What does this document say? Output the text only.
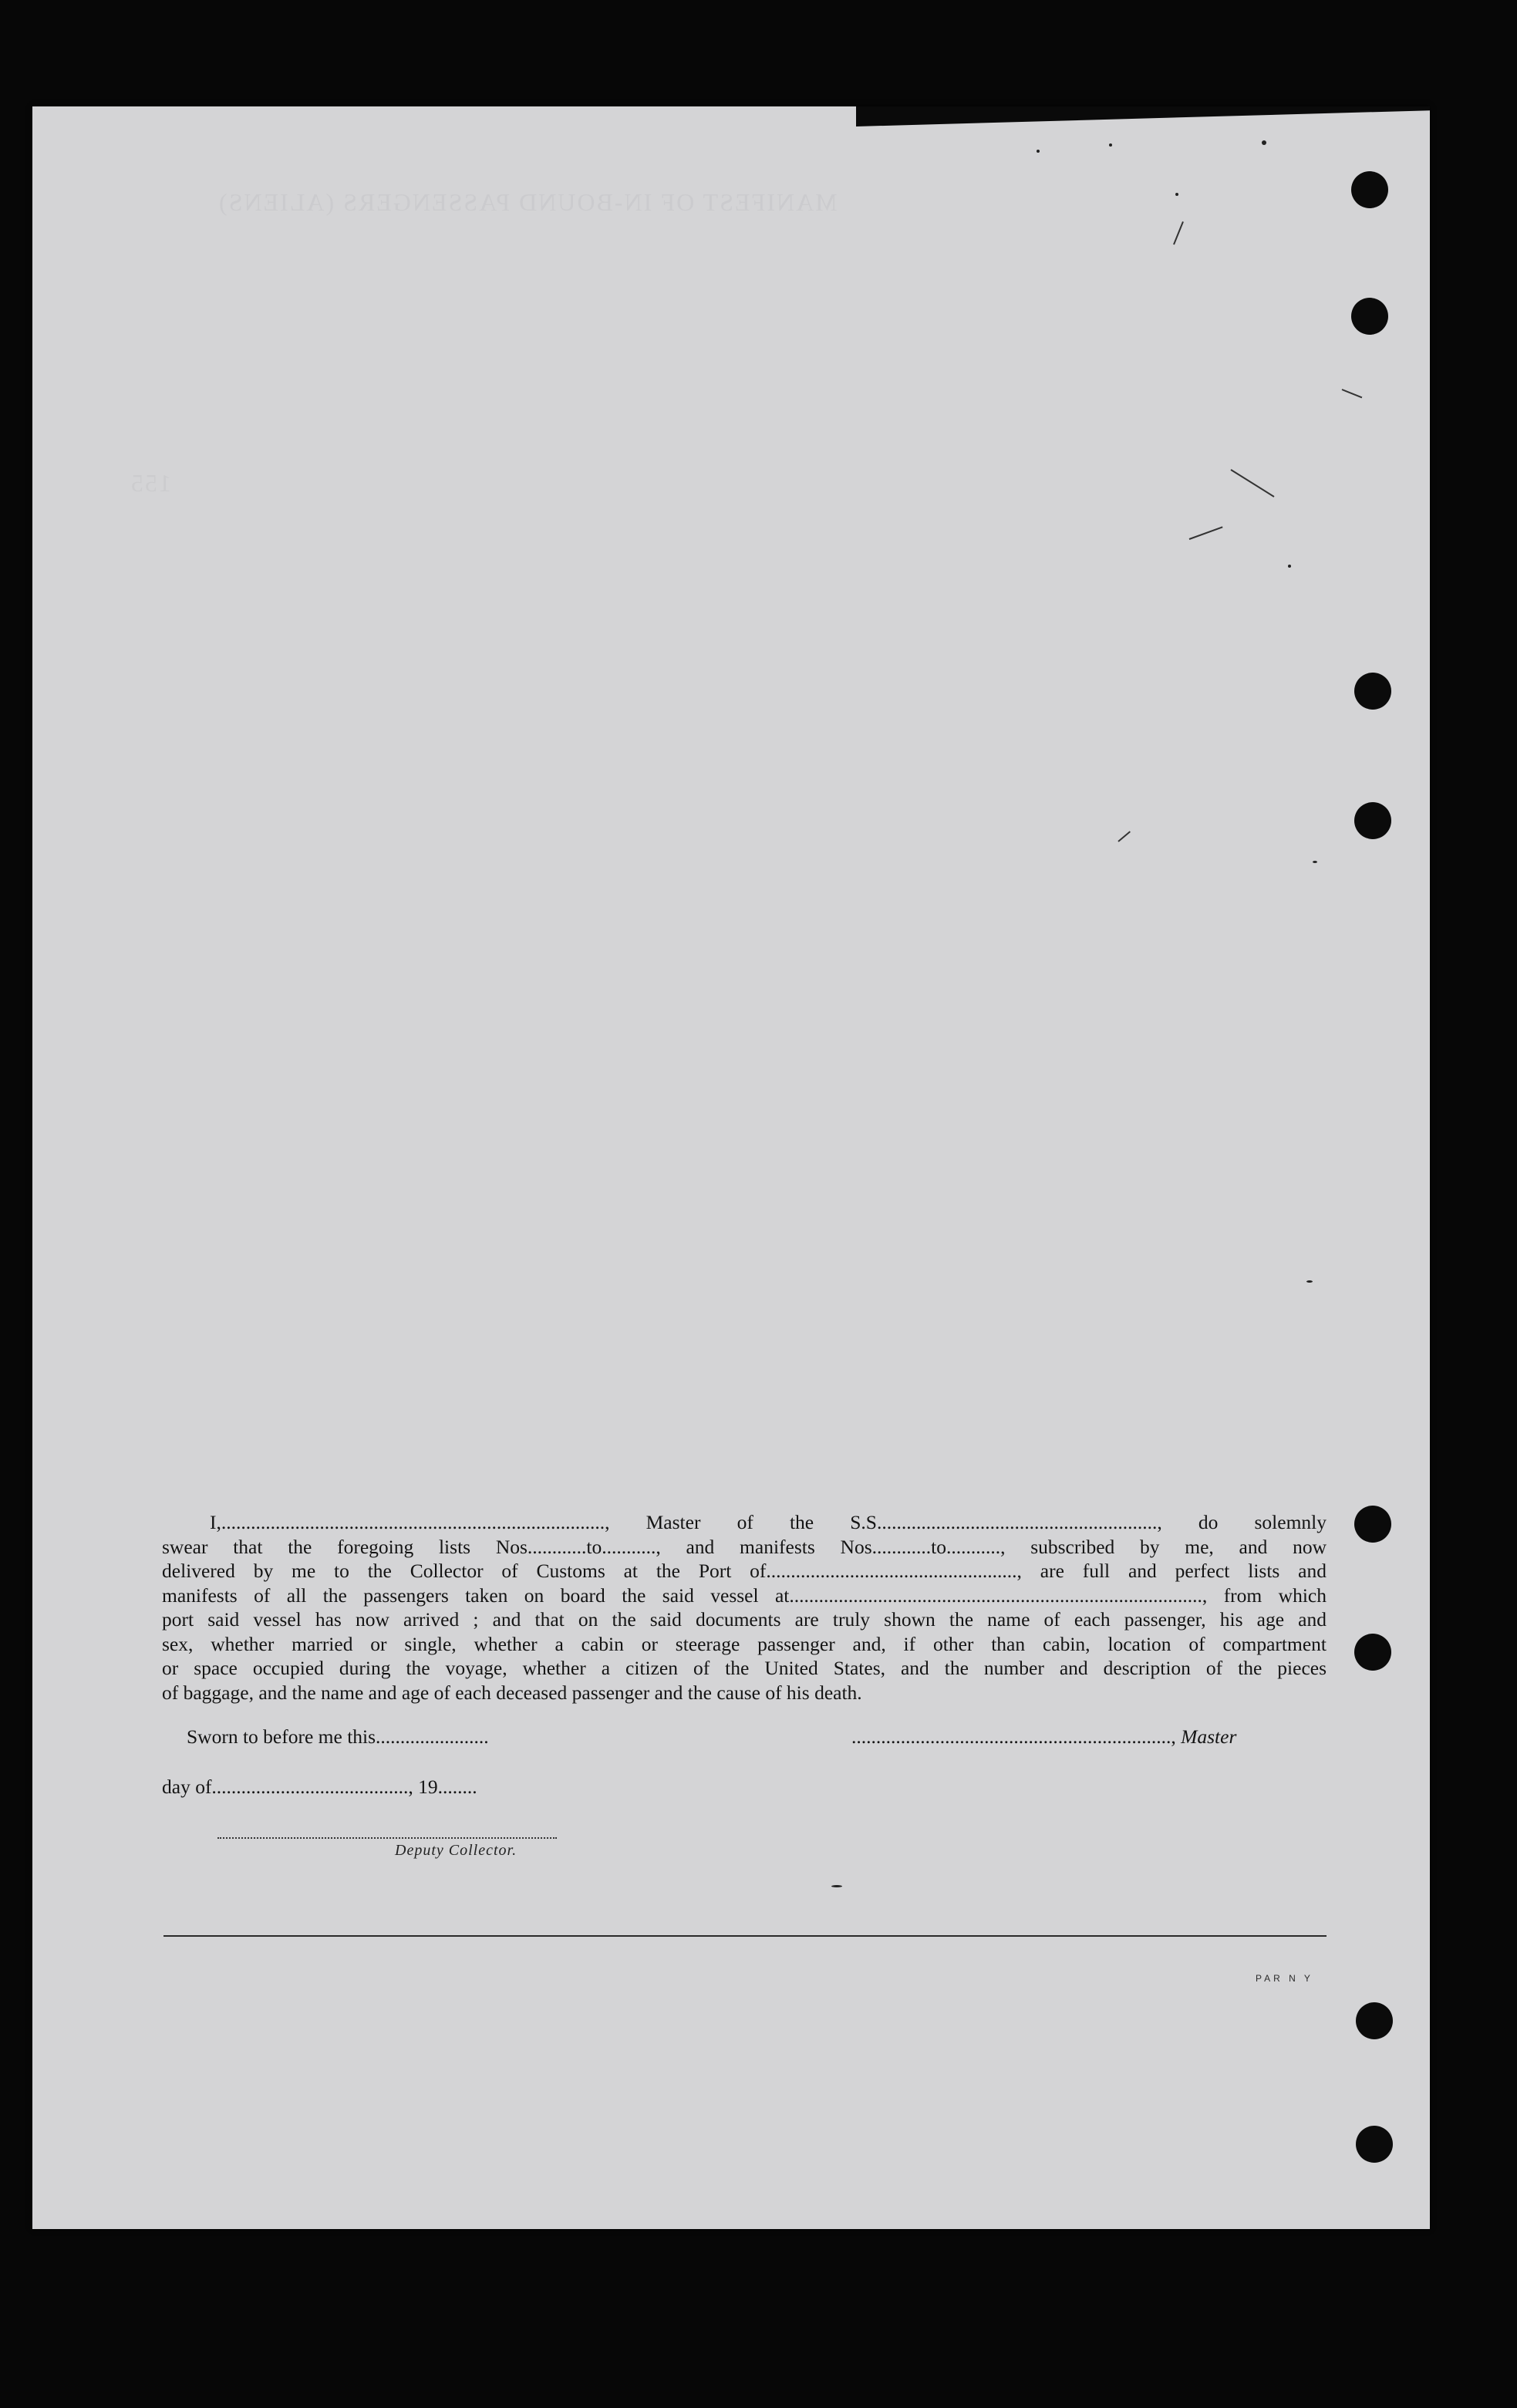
MANIFEST OF IN-BOUND PASSENGERS (ALIENS)
155

I,.............................................................................., Master of the S.S........................................................., do solemnly

swear that the foregoing lists Nos............to..........., and manifests Nos............to..........., subscribed by me, and now

delivered by me to the Collector of Customs at the Port of..................................................., are full and perfect lists and

manifests of all the passengers taken on board the said vessel at...................................................................................., from which

port said vessel has now arrived ; and that on the said documents are truly shown the name of each passenger, his age and

sex, whether married or single, whether a cabin or steerage passenger and, if other than cabin, location of compartment

or space occupied during the voyage, whether a citizen of the United States, and the number and description of the pieces

of baggage, and the name and age of each deceased passenger and the cause of his death.

Sworn to before me this.......................	................................................................., Master
day of........................................, 19........
Deputy Collector.
PAR N Y
